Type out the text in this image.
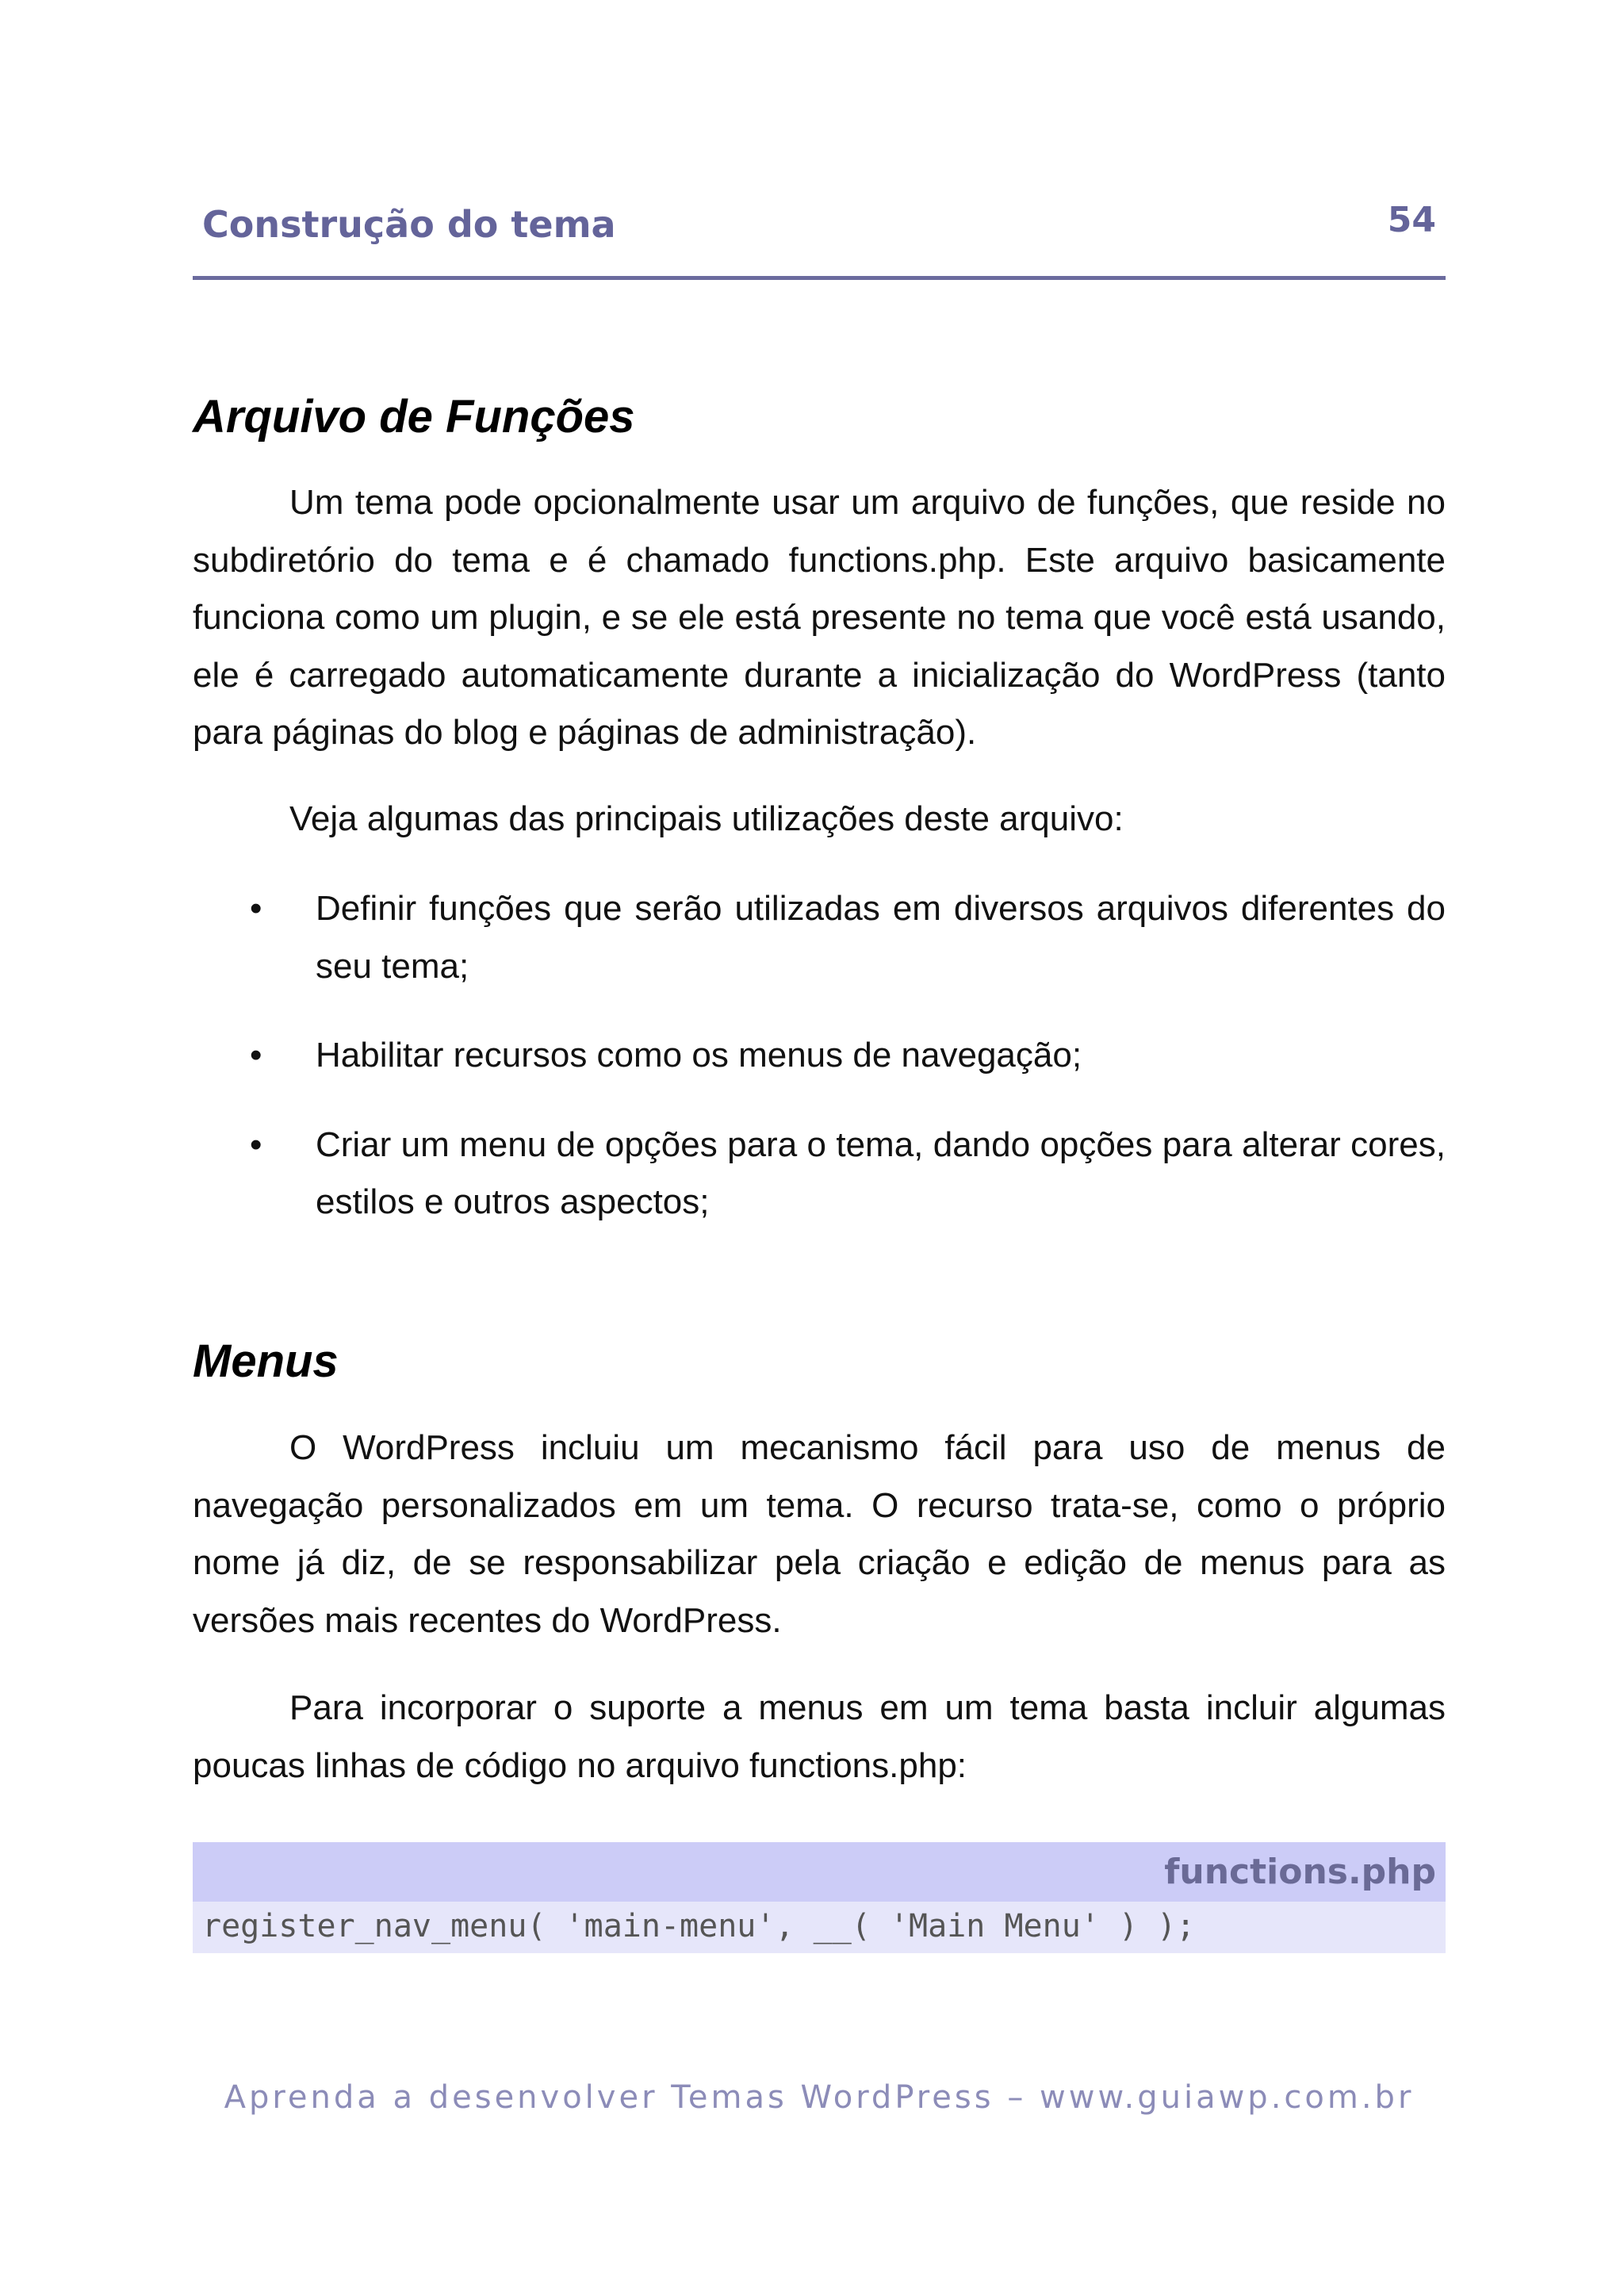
Construção do tema	54
Arquivo de Funções

Um tema pode opcionalmente usar um arquivo de funções, que reside no subdiretório do tema e é chamado functions.php. Este arquivo basicamente funciona como um plugin, e se ele está presente no tema que você está usando, ele é carregado automaticamente durante a inicialização do WordPress (tanto para páginas do blog e páginas de administração).

Veja algumas das principais utilizações deste arquivo:

• Definir funções que serão utilizadas em diversos arquivos diferentes do seu tema;
• Habilitar recursos como os menus de navegação;
• Criar um menu de opções para o tema, dando opções para alterar cores, estilos e outros aspectos;
Menus

O WordPress incluiu um mecanismo fácil para uso de menus de navegação personalizados em um tema. O recurso trata-se, como o próprio nome já diz, de se responsabilizar pela criação e edição de menus para as versões mais recentes do WordPress.

Para incorporar o suporte a menus em um tema basta incluir algumas poucas linhas de código no arquivo functions.php:

functions.php
register_nav_menu( 'main-menu', __( 'Main Menu' ) );
Aprenda a desenvolver Temas WordPress – www.guiawp.com.br
